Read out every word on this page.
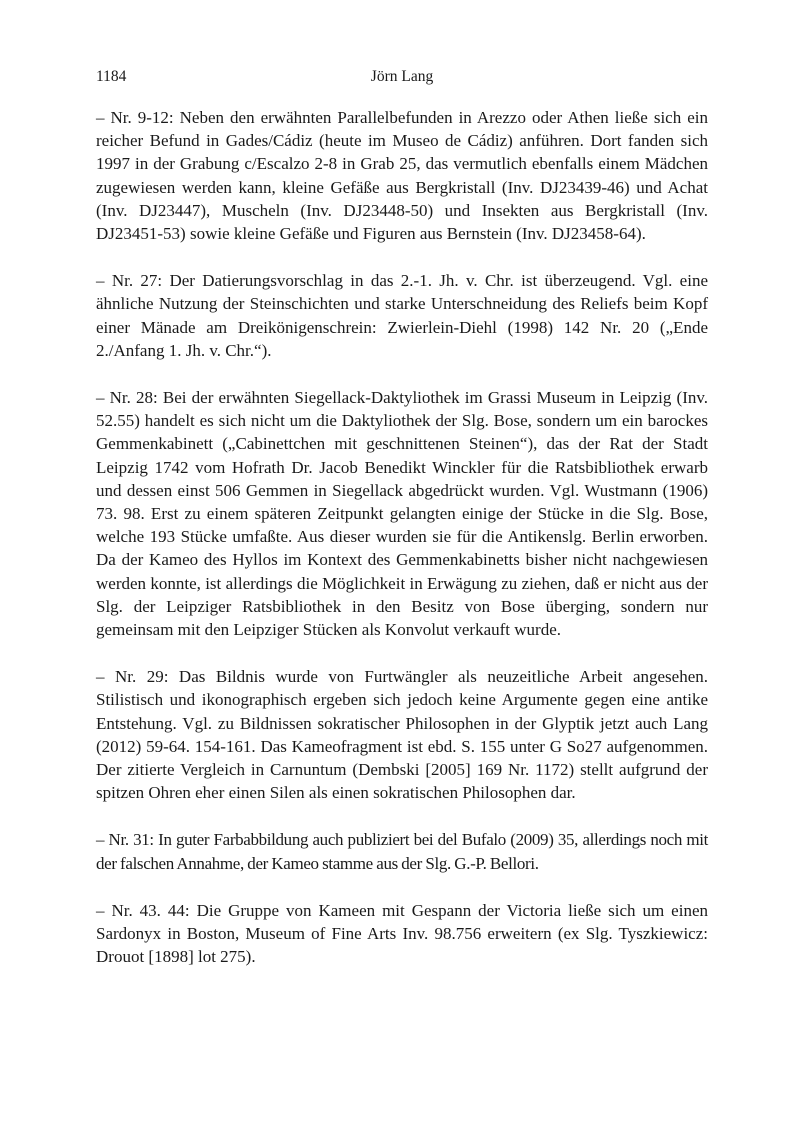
1184	Jörn Lang

– Nr. 9-12: Neben den erwähnten Parallelbefunden in Arezzo oder Athen ließe sich ein reicher Befund in Gades/Cádiz (heute im Museo de Cádiz) anführen. Dort fanden sich 1997 in der Grabung c/Escalzo 2-8 in Grab 25, das vermutlich ebenfalls einem Mädchen zugewiesen werden kann, kleine Gefäße aus Bergkristall (Inv. DJ23439-46) und Achat (Inv. DJ23447), Muscheln (Inv. DJ23448-50) und Insekten aus Bergkristall (Inv. DJ23451-53) sowie kleine Gefäße und Figuren aus Bernstein (Inv. DJ23458-64).

– Nr. 27: Der Datierungsvorschlag in das 2.-1. Jh. v. Chr. ist überzeugend. Vgl. eine ähnliche Nutzung der Steinschichten und starke Unterschneidung des Reliefs beim Kopf einer Mänade am Dreikönigenschrein: Zwierlein-Diehl (1998) 142 Nr. 20 („Ende 2./Anfang 1. Jh. v. Chr.“).

– Nr. 28: Bei der erwähnten Siegellack-Daktyliothek im Grassi Museum in Leipzig (Inv. 52.55) handelt es sich nicht um die Daktyliothek der Slg. Bose, sondern um ein barockes Gemmenkabinett („Cabinettchen mit geschnittenen Steinen“), das der Rat der Stadt Leipzig 1742 vom Hofrath Dr. Jacob Benedikt Winckler für die Ratsbibliothek erwarb und dessen einst 506 Gemmen in Siegellack abgedrückt wurden. Vgl. Wustmann (1906) 73. 98. Erst zu einem späteren Zeitpunkt gelangten einige der Stücke in die Slg. Bose, welche 193 Stücke umfaßte. Aus dieser wurden sie für die Antikenslg. Berlin erworben. Da der Kameo des Hyllos im Kontext des Gemmenkabinetts bisher nicht nachgewiesen werden konnte, ist allerdings die Möglichkeit in Erwägung zu ziehen, daß er nicht aus der Slg. der Leipziger Ratsbibliothek in den Besitz von Bose überging, sondern nur gemeinsam mit den Leipziger Stücken als Konvolut verkauft wurde.

– Nr. 29: Das Bildnis wurde von Furtwängler als neuzeitliche Arbeit angesehen. Stilistisch und ikonographisch ergeben sich jedoch keine Argumente gegen eine antike Entstehung. Vgl. zu Bildnissen sokratischer Philosophen in der Glyptik jetzt auch Lang (2012) 59-64. 154-161. Das Kameofragment ist ebd. S. 155 unter G So27 aufgenommen. Der zitierte Vergleich in Carnuntum (Dembski [2005] 169 Nr. 1172) stellt aufgrund der spitzen Ohren eher einen Silen als einen sokratischen Philosophen dar.

– Nr. 31: In guter Farbabbildung auch publiziert bei del Bufalo (2009) 35, allerdings noch mit der falschen Annahme, der Kameo stamme aus der Slg. G.-P. Bellori.

– Nr. 43. 44: Die Gruppe von Kameen mit Gespann der Victoria ließe sich um einen Sardonyx in Boston, Museum of Fine Arts Inv. 98.756 erweitern (ex Slg. Tyszkiewicz: Drouot [1898] lot 275).
